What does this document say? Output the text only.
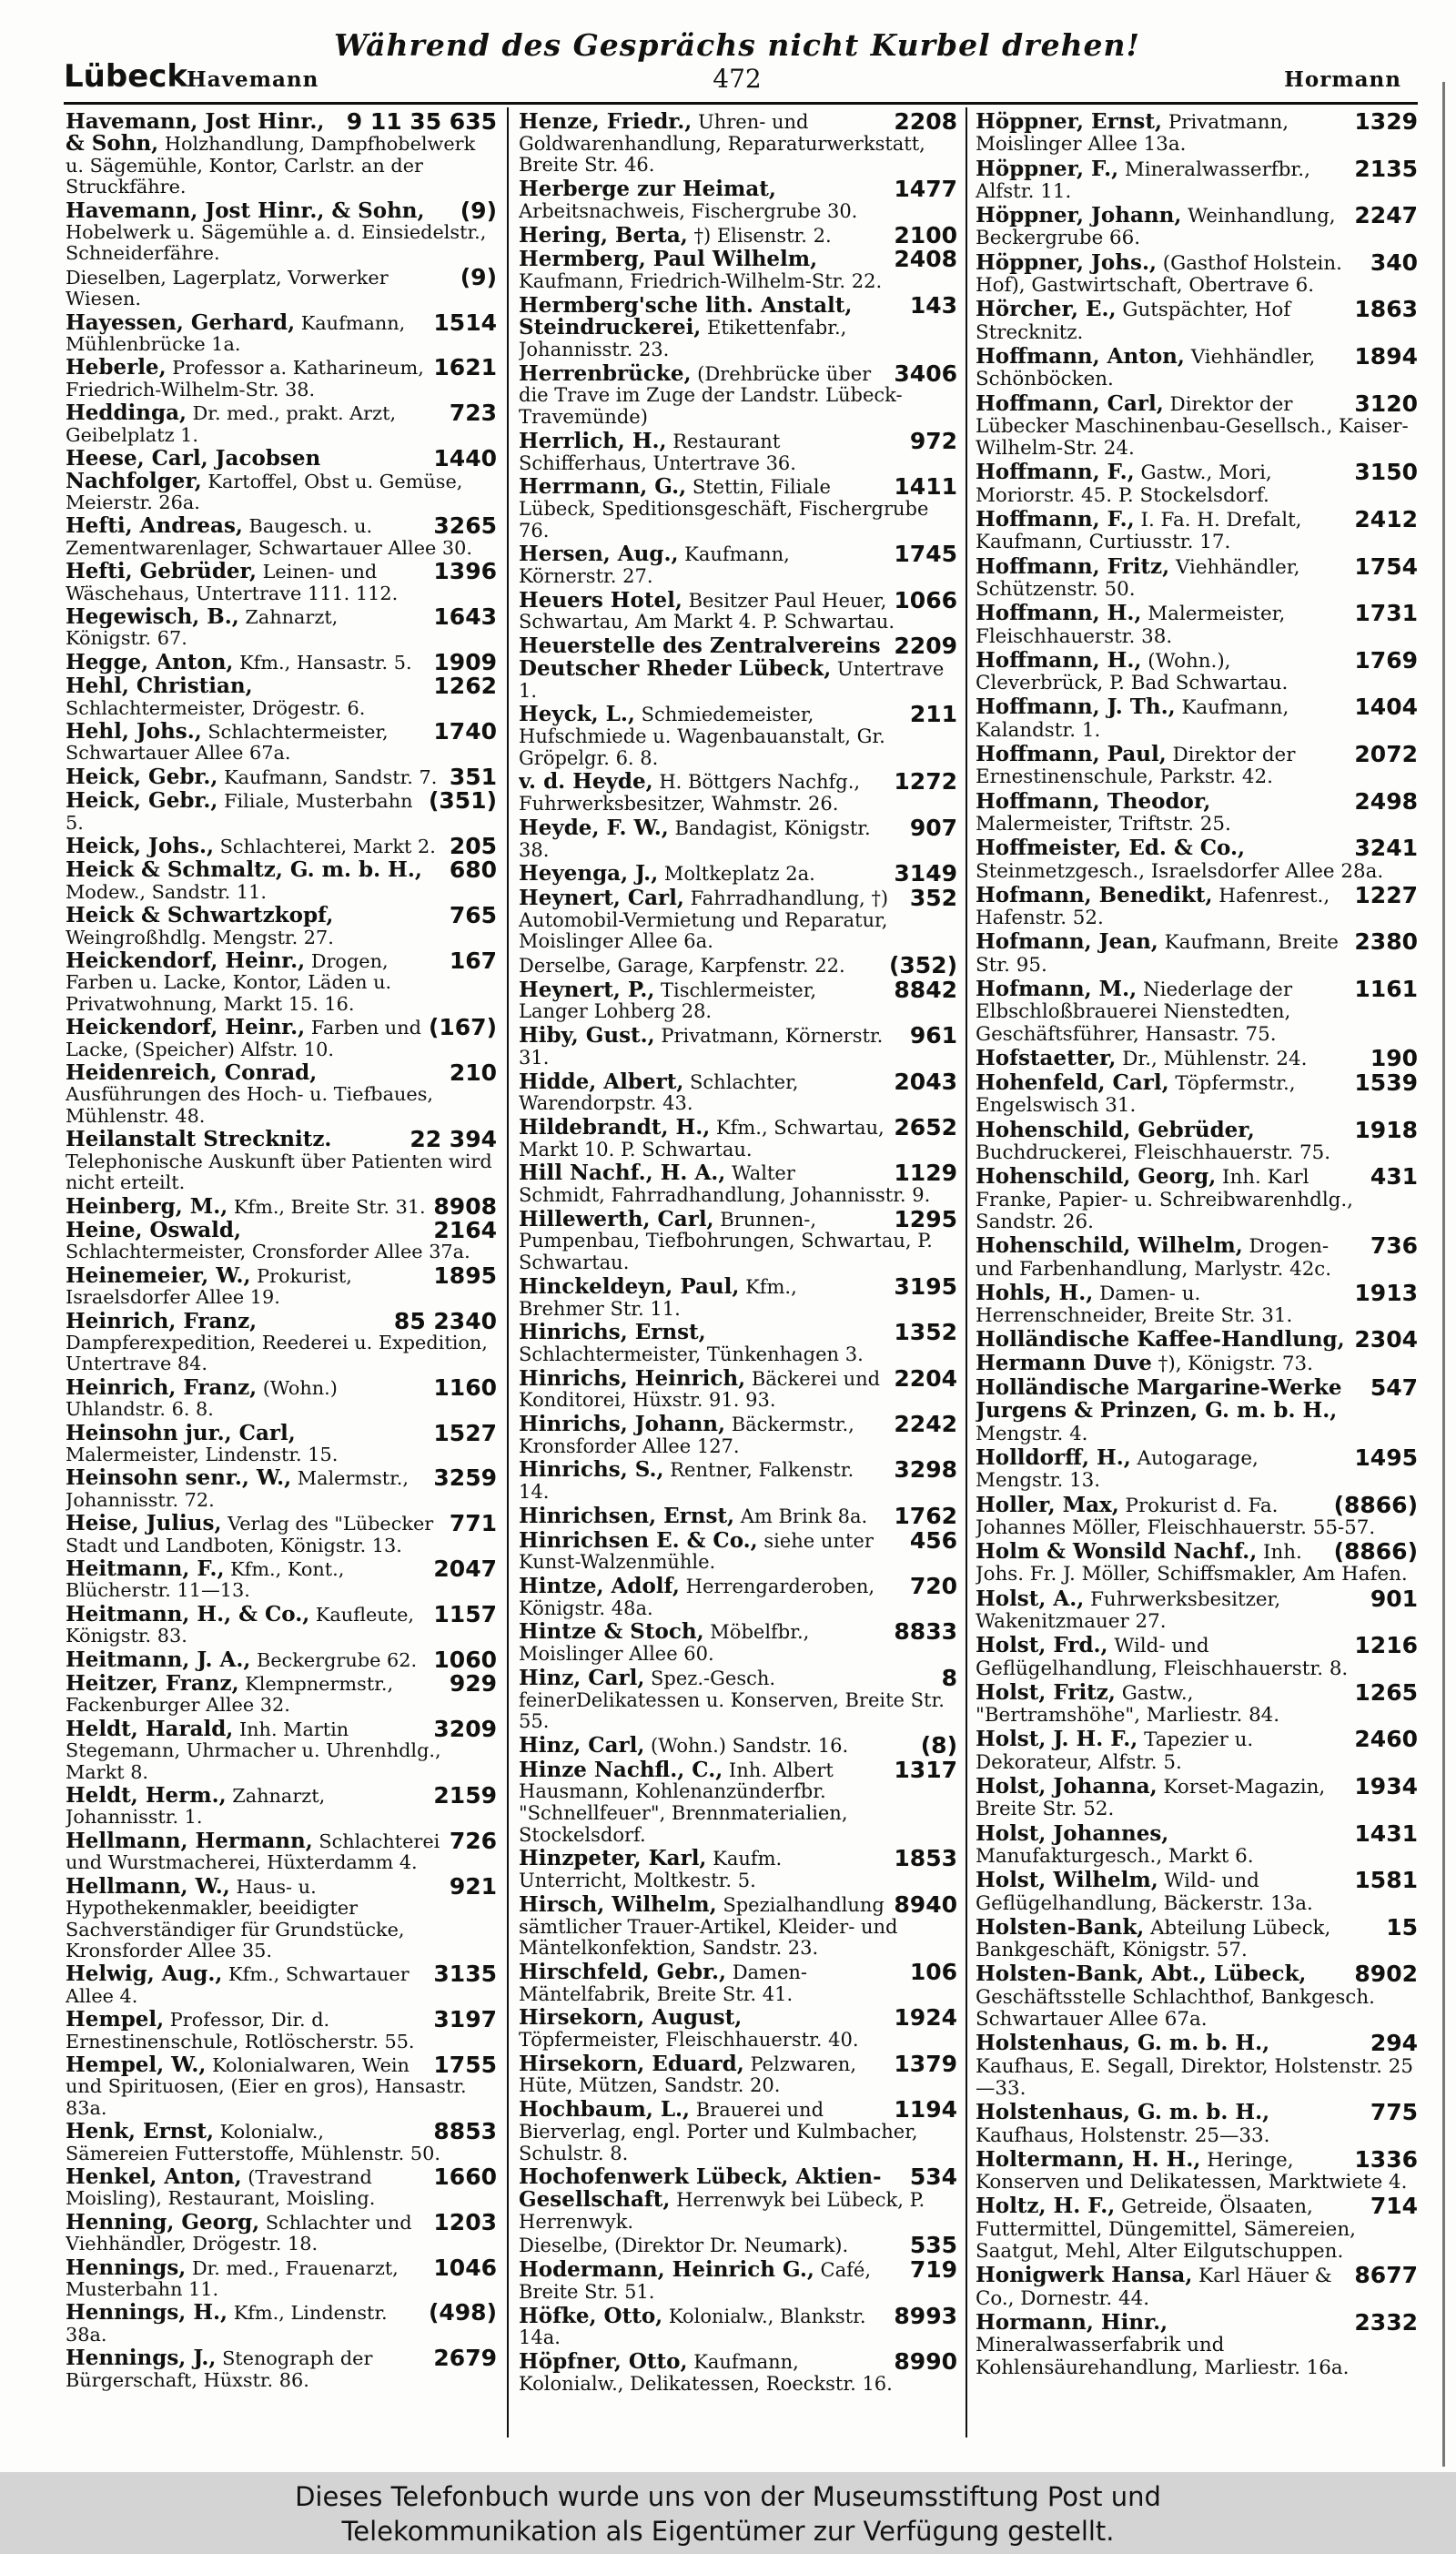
Während des Gesprächs nicht Kurbel drehen!
Lübeck
Havemann	472	Hormann
9 11 35 635
Havemann, Jost Hinr., & Sohn, Holzhandlung, Dampfhobelwerk u. Sägemühle, Kontor, Carlstr. an der Struckfähre.
(9)
Havemann, Jost Hinr., & Sohn, Hobelwerk u. Sägemühle a. d. Einsiedelstr., Schneiderfähre.
(9)
Dieselben, Lagerplatz, Vorwerker Wiesen.
1514
Hayessen, Gerhard, Kaufmann, Mühlenbrücke 1a.
1621
Heberle, Professor a. Katharineum, Friedrich-Wilhelm-Str. 38.
723
Heddinga, Dr. med., prakt. Arzt, Geibelplatz 1.
1440
Heese, Carl, Jacobsen Nachfolger, Kartoffel, Obst u. Gemüse, Meierstr. 26a.
3265
Hefti, Andreas, Baugesch. u. Zementwarenlager, Schwartauer Allee 30.
1396
Hefti, Gebrüder, Leinen- und Wäschehaus, Untertrave 111. 112.
1643
Hegewisch, B., Zahnarzt, Königstr. 67.
1909
Hegge, Anton, Kfm., Hansastr. 5.
1262
Hehl, Christian, Schlachtermeister, Drögestr. 6.
1740
Hehl, Johs., Schlachtermeister, Schwartauer Allee 67a.
351
Heick, Gebr., Kaufmann, Sandstr. 7.
(351)
Heick, Gebr., Filiale, Musterbahn 5.
205
Heick, Johs., Schlachterei, Markt 2.
680
Heick & Schmaltz, G. m. b. H., Modew., Sandstr. 11.
765
Heick & Schwartzkopf, Weingroßhdlg. Mengstr. 27.
167
Heickendorf, Heinr., Drogen, Farben u. Lacke, Kontor, Läden u. Privatwohnung, Markt 15. 16.
(167)
Heickendorf, Heinr., Farben und Lacke, (Speicher) Alfstr. 10.
210
Heidenreich, Conrad, Ausführungen des Hoch- u. Tiefbaues, Mühlenstr. 48.
22 394
Heilanstalt Strecknitz. Telephonische Auskunft über Patienten wird nicht erteilt.
8908
Heinberg, M., Kfm., Breite Str. 31.
2164
Heine, Oswald, Schlachtermeister, Cronsforder Allee 37a.
1895
Heinemeier, W., Prokurist, Israelsdorfer Allee 19.
85 2340
Heinrich, Franz, Dampferexpedition, Reederei u. Expedition, Untertrave 84.
1160
Heinrich, Franz, (Wohn.) Uhlandstr. 6. 8.
1527
Heinsohn jur., Carl, Malermeister, Lindenstr. 15.
3259
Heinsohn senr., W., Malermstr., Johannisstr. 72.
771
Heise, Julius, Verlag des "Lübecker Stadt und Landboten, Königstr. 13.
2047
Heitmann, F., Kfm., Kont., Blücherstr. 11—13.
1157
Heitmann, H., & Co., Kaufleute, Königstr. 83.
1060
Heitmann, J. A., Beckergrube 62.
929
Heitzer, Franz, Klempnermstr., Fackenburger Allee 32.
3209
Heldt, Harald, Inh. Martin Stegemann, Uhrmacher u. Uhrenhdlg., Markt 8.
2159
Heldt, Herm., Zahnarzt, Johannisstr. 1.
726
Hellmann, Hermann, Schlachterei und Wurstmacherei, Hüxterdamm 4.
921
Hellmann, W., Haus- u. Hypothekenmakler, beeidigter Sachverständiger für Grundstücke, Kronsforder Allee 35.
3135
Helwig, Aug., Kfm., Schwartauer Allee 4.
3197
Hempel, Professor, Dir. d. Ernestinenschule, Rotlöscherstr. 55.
1755
Hempel, W., Kolonialwaren, Wein und Spirituosen, (Eier en gros), Hansastr. 83a.
8853
Henk, Ernst, Kolonialw., Sämereien Futterstoffe, Mühlenstr. 50.
1660
Henkel, Anton, (Travestrand Moisling), Restaurant, Moisling.
1203
Henning, Georg, Schlachter und Viehhändler, Drögestr. 18.
1046
Hennings, Dr. med., Frauenarzt, Musterbahn 11.
(498)
Hennings, H., Kfm., Lindenstr. 38a.
2679
Hennings, J., Stenograph der Bürgerschaft, Hüxstr. 86.
2208
Henze, Friedr., Uhren- und Goldwarenhandlung, Reparaturwerkstatt, Breite Str. 46.
1477
Herberge zur Heimat, Arbeitsnachweis, Fischergrube 30.
2100
Hering, Berta, †) Elisenstr. 2.
2408
Hermberg, Paul Wilhelm, Kaufmann, Friedrich-Wilhelm-Str. 22.
143
Hermberg'sche lith. Anstalt, Steindruckerei, Etikettenfabr., Johannisstr. 23.
3406
Herrenbrücke, (Drehbrücke über die Trave im Zuge der Landstr. Lübeck-Travemünde)
972
Herrlich, H., Restaurant Schifferhaus, Untertrave 36.
1411
Herrmann, G., Stettin, Filiale Lübeck, Speditionsgeschäft, Fischergrube 76.
1745
Hersen, Aug., Kaufmann, Körnerstr. 27.
1066
Heuers Hotel, Besitzer Paul Heuer, Schwartau, Am Markt 4. P. Schwartau.
2209
Heuerstelle des Zentralvereins Deutscher Rheder Lübeck, Untertrave 1.
211
Heyck, L., Schmiedemeister, Hufschmiede u. Wagenbauanstalt, Gr. Gröpelgr. 6. 8.
1272
v. d. Heyde, H. Böttgers Nachfg., Fuhrwerksbesitzer, Wahmstr. 26.
907
Heyde, F. W., Bandagist, Königstr. 38.
3149
Heyenga, J., Moltkeplatz 2a.
352
Heynert, Carl, Fahrradhandlung, †) Automobil-Vermietung und Reparatur, Moislinger Allee 6a.
(352)
Derselbe, Garage, Karpfenstr. 22.
8842
Heynert, P., Tischlermeister, Langer Lohberg 28.
961
Hiby, Gust., Privatmann, Körnerstr. 31.
2043
Hidde, Albert, Schlachter, Warendorpstr. 43.
2652
Hildebrandt, H., Kfm., Schwartau, Markt 10. P. Schwartau.
1129
Hill Nachf., H. A., Walter Schmidt, Fahrradhandlung, Johannisstr. 9.
1295
Hillewerth, Carl, Brunnen-, Pumpenbau, Tiefbohrungen, Schwartau, P. Schwartau.
3195
Hinckeldeyn, Paul, Kfm., Brehmer Str. 11.
1352
Hinrichs, Ernst, Schlachtermeister, Tünkenhagen 3.
2204
Hinrichs, Heinrich, Bäckerei und Konditorei, Hüxstr. 91. 93.
2242
Hinrichs, Johann, Bäckermstr., Kronsforder Allee 127.
3298
Hinrichs, S., Rentner, Falkenstr. 14.
1762
Hinrichsen, Ernst, Am Brink 8a.
456
Hinrichsen E. & Co., siehe unter Kunst-Walzenmühle.
720
Hintze, Adolf, Herrengarderoben, Königstr. 48a.
8833
Hintze & Stoch, Möbelfbr., Moislinger Allee 60.
8
Hinz, Carl, Spez.-Gesch. feinerDelikatessen u. Konserven, Breite Str. 55.
(8)
Hinz, Carl, (Wohn.) Sandstr. 16.
1317
Hinze Nachfl., C., Inh. Albert Hausmann, Kohlenanzünderfbr. "Schnellfeuer", Brennmaterialien, Stockelsdorf.
1853
Hinzpeter, Karl, Kaufm. Unterricht, Moltkestr. 5.
8940
Hirsch, Wilhelm, Spezialhandlung sämtlicher Trauer-Artikel, Kleider- und Mäntelkonfektion, Sandstr. 23.
106
Hirschfeld, Gebr., Damen-Mäntelfabrik, Breite Str. 41.
1924
Hirsekorn, August, Töpfermeister, Fleischhauerstr. 40.
1379
Hirsekorn, Eduard, Pelzwaren, Hüte, Mützen, Sandstr. 20.
1194
Hochbaum, L., Brauerei und Bierverlag, engl. Porter und Kulmbacher, Schulstr. 8.
534
Hochofenwerk Lübeck, Aktien-Gesellschaft, Herrenwyk bei Lübeck, P. Herrenwyk.
535
Dieselbe, (Direktor Dr. Neumark).
719
Hodermann, Heinrich G., Café, Breite Str. 51.
8993
Höfke, Otto, Kolonialw., Blankstr. 14a.
8990
Höpfner, Otto, Kaufmann, Kolonialw., Delikatessen, Roeckstr. 16.
1329
Höppner, Ernst, Privatmann, Moislinger Allee 13a.
2135
Höppner, F., Mineralwasserfbr., Alfstr. 11.
2247
Höppner, Johann, Weinhandlung, Beckergrube 66.
340
Höppner, Johs., (Gasthof Holstein. Hof), Gastwirtschaft, Obertrave 6.
1863
Hörcher, E., Gutspächter, Hof Strecknitz.
1894
Hoffmann, Anton, Viehhändler, Schönböcken.
3120
Hoffmann, Carl, Direktor der Lübecker Maschinenbau-Gesellsch., Kaiser-Wilhelm-Str. 24.
3150
Hoffmann, F., Gastw., Mori, Moriorstr. 45. P. Stockelsdorf.
2412
Hoffmann, F., I. Fa. H. Drefalt, Kaufmann, Curtiusstr. 17.
1754
Hoffmann, Fritz, Viehhändler, Schützenstr. 50.
1731
Hoffmann, H., Malermeister, Fleischhauerstr. 38.
1769
Hoffmann, H., (Wohn.), Cleverbrück, P. Bad Schwartau.
1404
Hoffmann, J. Th., Kaufmann, Kalandstr. 1.
2072
Hoffmann, Paul, Direktor der Ernestinenschule, Parkstr. 42.
2498
Hoffmann, Theodor, Malermeister, Triftstr. 25.
3241
Hoffmeister, Ed. & Co., Steinmetzgesch., Israelsdorfer Allee 28a.
1227
Hofmann, Benedikt, Hafenrest., Hafenstr. 52.
2380
Hofmann, Jean, Kaufmann, Breite Str. 95.
1161
Hofmann, M., Niederlage der Elbschloßbrauerei Nienstedten, Geschäftsführer, Hansastr. 75.
190
Hofstaetter, Dr., Mühlenstr. 24.
1539
Hohenfeld, Carl, Töpfermstr., Engelswisch 31.
1918
Hohenschild, Gebrüder, Buchdruckerei, Fleischhauerstr. 75.
431
Hohenschild, Georg, Inh. Karl Franke, Papier- u. Schreibwarenhdlg., Sandstr. 26.
736
Hohenschild, Wilhelm, Drogen- und Farbenhandlung, Marlystr. 42c.
1913
Hohls, H., Damen- u. Herrenschneider, Breite Str. 31.
2304
Holländische Kaffee-Handlung, Hermann Duve †), Königstr. 73.
547
Holländische Margarine-Werke Jurgens & Prinzen, G. m. b. H., Mengstr. 4.
1495
Holldorff, H., Autogarage, Mengstr. 13.
(8866)
Holler, Max, Prokurist d. Fa. Johannes Möller, Fleischhauerstr. 55-57.
(8866)
Holm & Wonsild Nachf., Inh. Johs. Fr. J. Möller, Schiffsmakler, Am Hafen.
901
Holst, A., Fuhrwerksbesitzer, Wakenitzmauer 27.
1216
Holst, Frd., Wild- und Geflügelhandlung, Fleischhauerstr. 8.
1265
Holst, Fritz, Gastw., "Bertramshöhe", Marliestr. 84.
2460
Holst, J. H. F., Tapezier u. Dekorateur, Alfstr. 5.
1934
Holst, Johanna, Korset-Magazin, Breite Str. 52.
1431
Holst, Johannes, Manufakturgesch., Markt 6.
1581
Holst, Wilhelm, Wild- und Geflügelhandlung, Bäckerstr. 13a.
15
Holsten-Bank, Abteilung Lübeck, Bankgeschäft, Königstr. 57.
8902
Holsten-Bank, Abt., Lübeck, Geschäftsstelle Schlachthof, Bankgesch. Schwartauer Allee 67a.
294
Holstenhaus, G. m. b. H., Kaufhaus, E. Segall, Direktor, Holstenstr. 25—33.
775
Holstenhaus, G. m. b. H., Kaufhaus, Holstenstr. 25—33.
1336
Holtermann, H. H., Heringe, Konserven und Delikatessen, Marktwiete 4.
714
Holtz, H. F., Getreide, Ölsaaten, Futtermittel, Düngemittel, Sämereien, Saatgut, Mehl, Alter Eilgutschuppen.
8677
Honigwerk Hansa, Karl Häuer & Co., Dornestr. 44.
2332
Hormann, Hinr., Mineralwasserfabrik und Kohlensäurehandlung, Marliestr. 16a.
Dieses Telefonbuch wurde uns von der Museumsstiftung Post und
Telekommunikation als Eigentümer zur Verfügung gestellt.
